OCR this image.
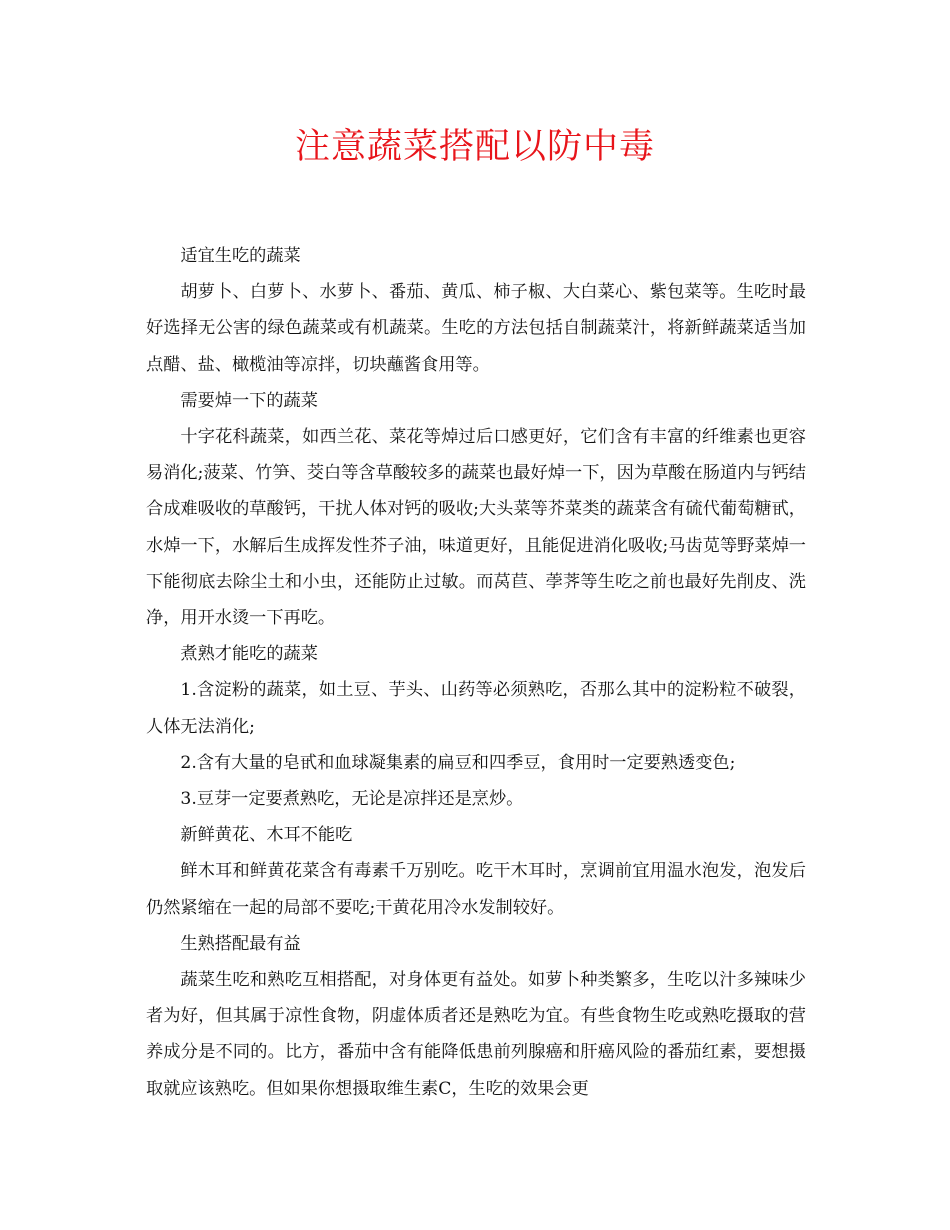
注意蔬菜搭配以防中毒

适宜生吃的蔬菜

胡萝卜、白萝卜、水萝卜、番茄、黄瓜、柿子椒、大白菜心、紫包菜等。生吃时最好选择无公害的绿色蔬菜或有机蔬菜。生吃的方法包括自制蔬菜汁，将新鲜蔬菜适当加点醋、盐、橄榄油等凉拌，切块蘸酱食用等。

需要焯一下的蔬菜

十字花科蔬菜，如西兰花、菜花等焯过后口感更好，它们含有丰富的纤维素也更容易消化;菠菜、竹笋、茭白等含草酸较多的蔬菜也最好焯一下，因为草酸在肠道内与钙结合成难吸收的草酸钙，干扰人体对钙的吸收;大头菜等芥菜类的蔬菜含有硫代葡萄糖甙，水焯一下，水解后生成挥发性芥子油，味道更好，且能促进消化吸收;马齿苋等野菜焯一下能彻底去除尘土和小虫，还能防止过敏。而莴苣、荸荠等生吃之前也最好先削皮、洗净，用开水烫一下再吃。

煮熟才能吃的蔬菜

1.含淀粉的蔬菜，如土豆、芋头、山药等必须熟吃，否那么其中的淀粉粒不破裂，人体无法消化;

2.含有大量的皂甙和血球凝集素的扁豆和四季豆，食用时一定要熟透变色;

3.豆芽一定要煮熟吃，无论是凉拌还是烹炒。

新鲜黄花、木耳不能吃

鲜木耳和鲜黄花菜含有毒素千万别吃。吃干木耳时，烹调前宜用温水泡发，泡发后仍然紧缩在一起的局部不要吃;干黄花用冷水发制较好。

生熟搭配最有益

蔬菜生吃和熟吃互相搭配，对身体更有益处。如萝卜种类繁多，生吃以汁多辣味少者为好，但其属于凉性食物，阴虚体质者还是熟吃为宜。有些食物生吃或熟吃摄取的营养成分是不同的。比方，番茄中含有能降低患前列腺癌和肝癌风险的番茄红素，要想摄取就应该熟吃。但如果你想摄取维生素C，生吃的效果会更
